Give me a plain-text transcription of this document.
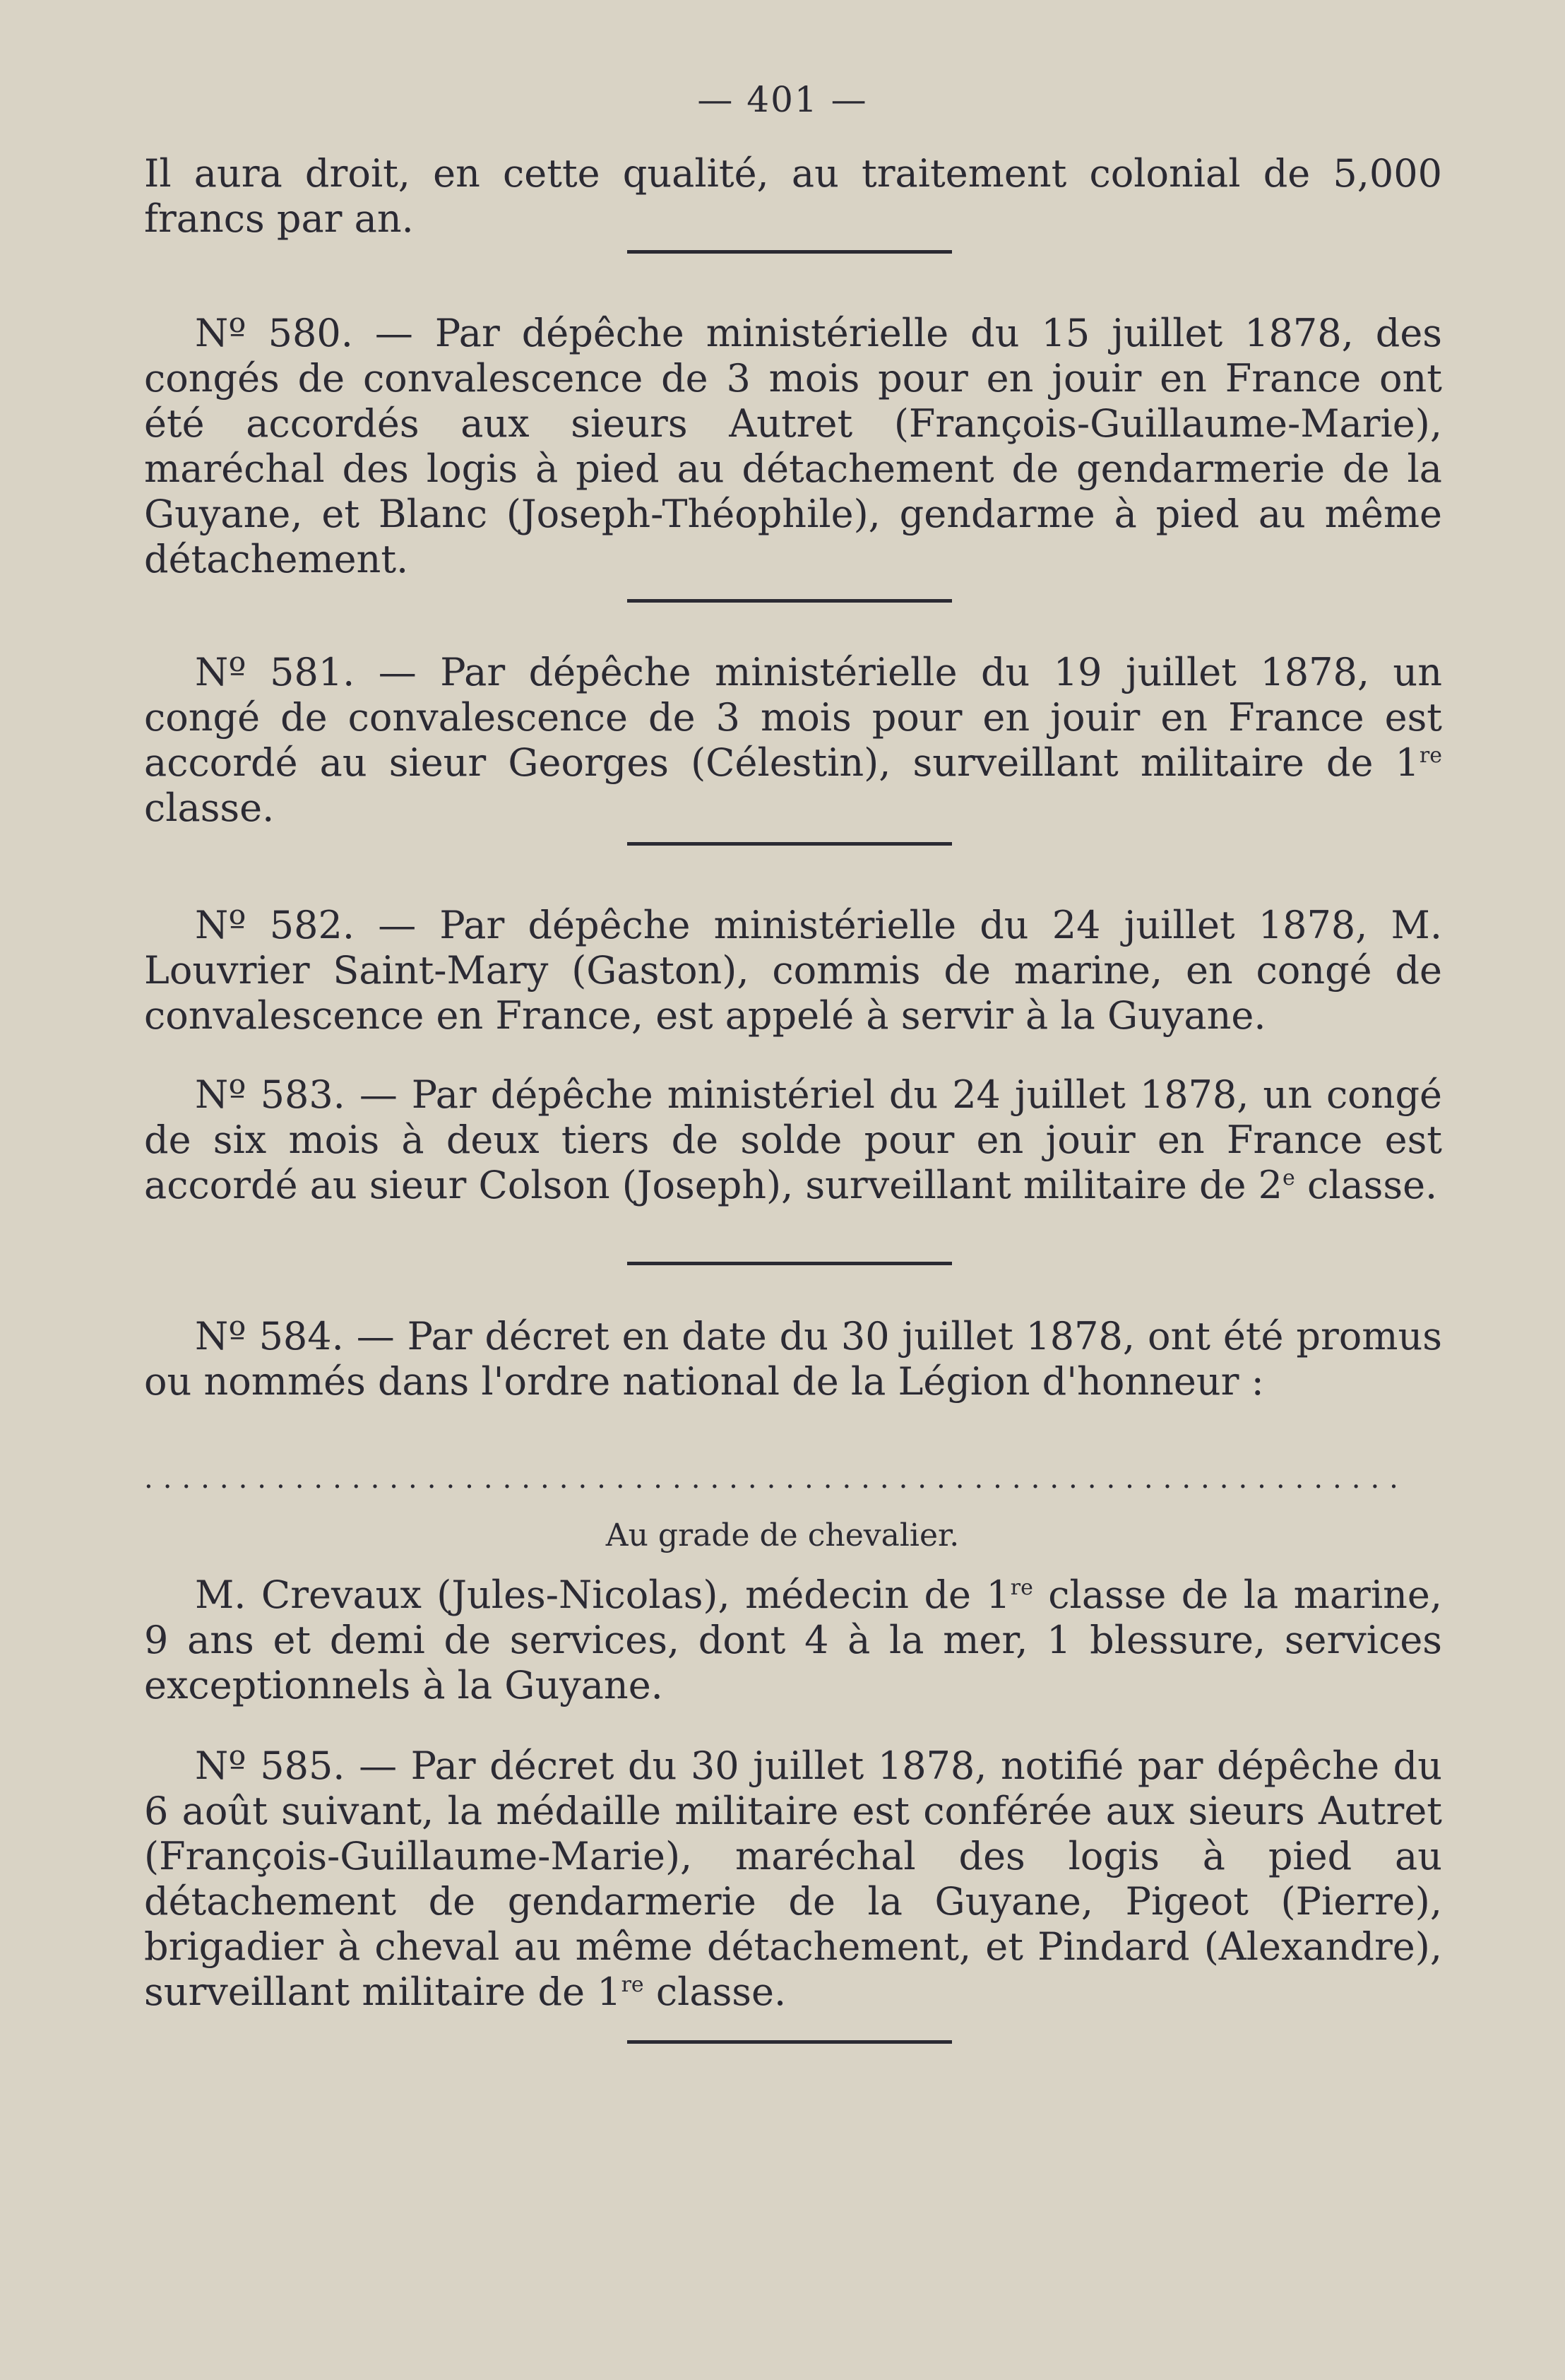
— 401 —

Il aura droit, en cette qualité, au traitement colonial de 5,000 francs par an.

Nº 580. — Par dépêche ministérielle du 15 juillet 1878, des congés de convalescence de 3 mois pour en jouir en France ont été accordés aux sieurs Autret (François-Guillaume-Marie), maréchal des logis à pied au détachement de gendarmerie de la Guyane, et Blanc (Joseph-Théophile), gendarme à pied au même détachement.

Nº 581. — Par dépêche ministérielle du 19 juillet 1878, un congé de convalescence de 3 mois pour en jouir en France est accordé au sieur Georges (Célestin), surveillant militaire de 1re classe.

Nº 582. — Par dépêche ministérielle du 24 juillet 1878, M. Louvrier Saint-Mary (Gaston), commis de marine, en congé de convalescence en France, est appelé à servir à la Guyane.

Nº 583. — Par dépêche ministériel du 24 juillet 1878, un congé de six mois à deux tiers de solde pour en jouir en France est accordé au sieur Colson (Joseph), surveillant militaire de 2e classe.

Nº 584. — Par décret en date du 30 juillet 1878, ont été promus ou nommés dans l'ordre national de la Légion d'honneur :

...................................................................
Au grade de chevalier.

M. Crevaux (Jules-Nicolas), médecin de 1re classe de la marine, 9 ans et demi de services, dont 4 à la mer, 1 blessure, services exceptionnels à la Guyane.

Nº 585. — Par décret du 30 juillet 1878, notifié par dépêche du 6 août suivant, la médaille militaire est conférée aux sieurs Autret (François-Guillaume-Marie), maréchal des logis à pied au détachement de gendarmerie de la Guyane, Pigeot (Pierre), brigadier à cheval au même détachement, et Pindard (Alexandre), surveillant militaire de 1re classe.
